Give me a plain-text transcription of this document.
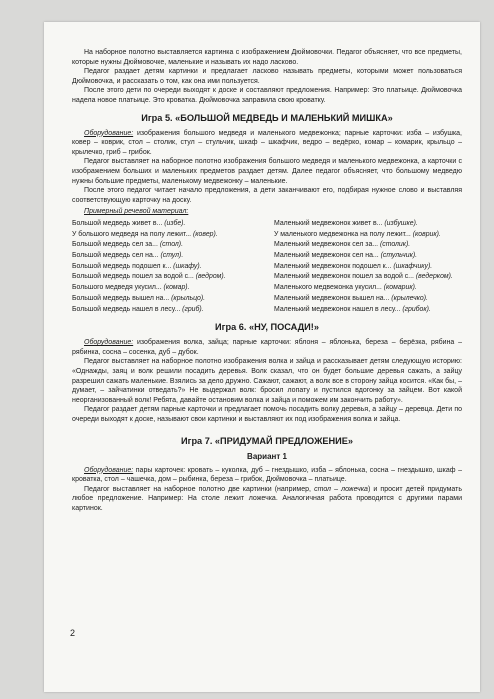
На наборное полотно выставляется картинка с изображением Дюймовочки. Педагог объясняет, что все предметы, которые нужны Дюймовочке, маленькие и называть их надо ласково.

Педагог раздает детям картинки и предлагает ласково называть предметы, которыми может пользоваться Дюймовочка, и рассказать о том, как она ими пользуется.

После этого дети по очереди выходят к доске и составляют предложения. Например: Это платьице. Дюймовочка надела новое платьице. Это кроватка. Дюймовочка заправила свою кроватку.

Игра 5. «БОЛЬШОЙ МЕДВЕДЬ И МАЛЕНЬКИЙ МИШКА»

Оборудование: изображения большого медведя и маленького медвежонка; парные карточки: изба – избушка, ковер – коврик, стол – столик, стул – стульчик, шкаф – шкафчик, ведро – ведёрко, комар – комарик, крыльцо – крылечко, гриб – грибок.

Педагог выставляет на наборное полотно изображения большого медведя и маленького медвежонка, а карточки с изображением больших и маленьких предметов раздает детям. Далее педагог объясняет, что большому медведю нужны большие предметы, маленькому медвежонку – маленькие.

После этого педагог читает начало предложения, а дети заканчивают его, подбирая нужное слово и выставляя соответствующую карточку на доску.

Примерный речевой материал:

Большой медведь живет в... (избе).
У большого медведя на полу лежит... (ковер).
Большой медведь сел за... (стол).
Большой медведь сел на... (стул).
Большой медведь подошел к... (шкафу).
Большой медведь пошел за водой с... (ведром).
Большого медведя укусил... (комар).
Большой медведь вышел на... (крыльцо).
Большой медведь нашел в лесу... (гриб).
Маленький медвежонок живет в... (избушке).
У маленького медвежонка на полу лежит... (коврик).
Маленький медвежонок сел за... (столик).
Маленький медвежонок сел на... (стульчик).
Маленький медвежонок подошел к... (шкафчику).
Маленький медвежонок пошел за водой с... (ведерком).
Маленького медвежонка укусил... (комарик).
Маленький медвежонок вышел на... (крылечко).
Маленький медвежонок нашел в лесу... (грибок).
Игра 6. «НУ, ПОСАДИ!»

Оборудование: изображения волка, зайца; парные карточки: яблоня – яблонька, береза – берёзка, рябина – рябинка, сосна – сосенка, дуб – дубок.

Педагог выставляет на наборное полотно изображения волка и зайца и рассказывает детям следующую историю: «Однажды, заяц и волк решили посадить деревья. Волк сказал, что он будет большие деревья сажать, а зайцу разрешил сажать маленькие. Взялись за дело дружно. Сажают, сажают, а волк все в сторону зайца косится. «Как бы, – думает, – зайчатинки отведать?» Не выдержал волк: бросил лопату и пустился вдогонку за зайцем. Вот какой неорганизованный волк! Ребята, давайте остановим волка и зайца и поможем им закончить работу».

Педагог раздает детям парные карточки и предлагает помочь посадить волку деревья, а зайцу – деревца. Дети по очереди выходят к доске, называют свои картинки и выставляют их под изображения волка и зайца.

Игра 7. «ПРИДУМАЙ ПРЕДЛОЖЕНИЕ»
Вариант 1

Оборудование: пары карточек: кровать – куколка, дуб – гнездышко, изба – яблонька, сосна – гнездышко, шкаф – кроватка, стол – чашечка, дом – рыбинка, береза – грибок, Дюймовочка – платьице.

Педагог выставляет на наборное полотно две картинки (например, стол – ложечка) и просит детей придумать любое предложение. Например: На столе лежит ложечка. Аналогичная работа проводится с другими парами картинок.

2
